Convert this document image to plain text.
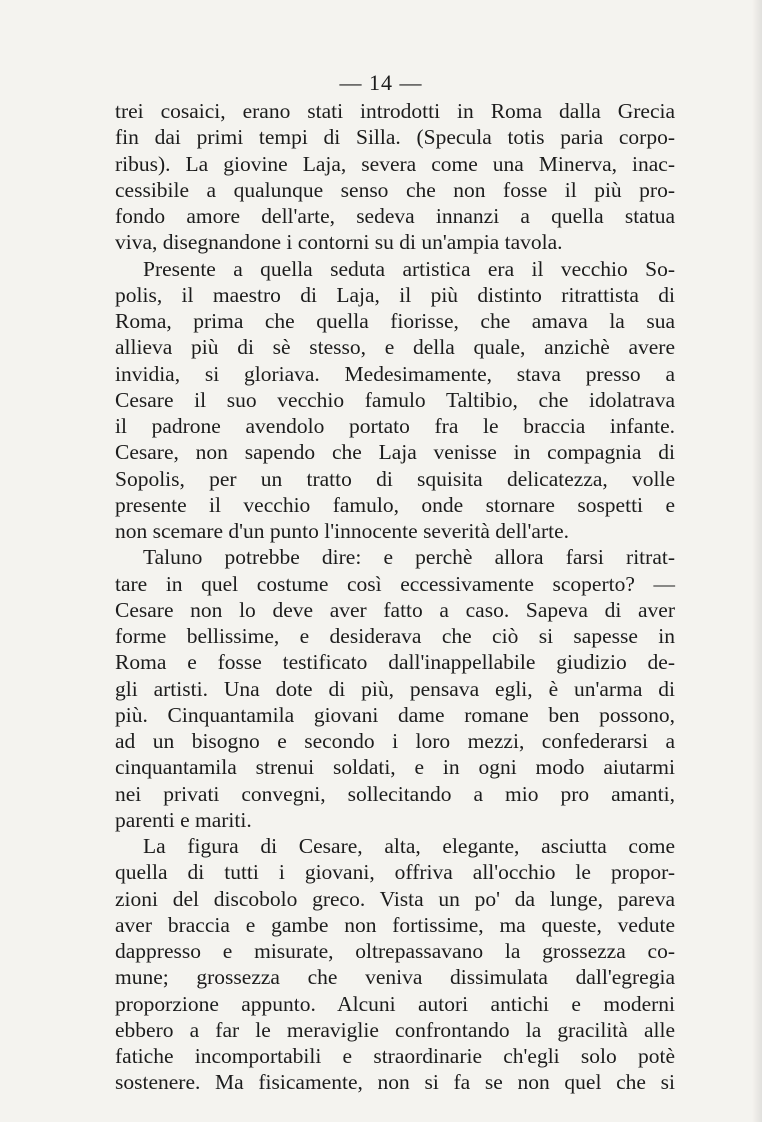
— 14 —
trei cosaici, erano stati introdotti in Roma dalla Grecia
fin dai primi tempi di Silla. (Specula totis paria corpo-
ribus). La giovine Laja, severa come una Minerva, inac-
cessibile a qualunque senso che non fosse il più pro-
fondo amore dell'arte, sedeva innanzi a quella statua
viva, disegnandone i contorni su di un'ampia tavola.
Presente a quella seduta artistica era il vecchio So-
polis, il maestro di Laja, il più distinto ritrattista di
Roma, prima che quella fiorisse, che amava la sua
allieva più di sè stesso, e della quale, anzichè avere
invidia, si gloriava. Medesimamente, stava presso a
Cesare il suo vecchio famulo Taltibio, che idolatrava
il padrone avendolo portato fra le braccia infante.
Cesare, non sapendo che Laja venisse in compagnia di
Sopolis, per un tratto di squisita delicatezza, volle
presente il vecchio famulo, onde stornare sospetti e
non scemare d'un punto l'innocente severità dell'arte.
Taluno potrebbe dire: e perchè allora farsi ritrat-
tare in quel costume così eccessivamente scoperto? —
Cesare non lo deve aver fatto a caso. Sapeva di aver
forme bellissime, e desiderava che ciò si sapesse in
Roma e fosse testificato dall'inappellabile giudizio de-
gli artisti. Una dote di più, pensava egli, è un'arma di
più. Cinquantamila giovani dame romane ben possono,
ad un bisogno e secondo i loro mezzi, confederarsi a
cinquantamila strenui soldati, e in ogni modo aiutarmi
nei privati convegni, sollecitando a mio pro amanti,
parenti e mariti.
La figura di Cesare, alta, elegante, asciutta come
quella di tutti i giovani, offriva all'occhio le propor-
zioni del discobolo greco. Vista un po' da lunge, pareva
aver braccia e gambe non fortissime, ma queste, vedute
dappresso e misurate, oltrepassavano la grossezza co-
mune; grossezza che veniva dissimulata dall'egregia
proporzione appunto. Alcuni autori antichi e moderni
ebbero a far le meraviglie confrontando la gracilità alle
fatiche incomportabili e straordinarie ch'egli solo potè
sostenere. Ma fisicamente, non si fa se non quel che si
